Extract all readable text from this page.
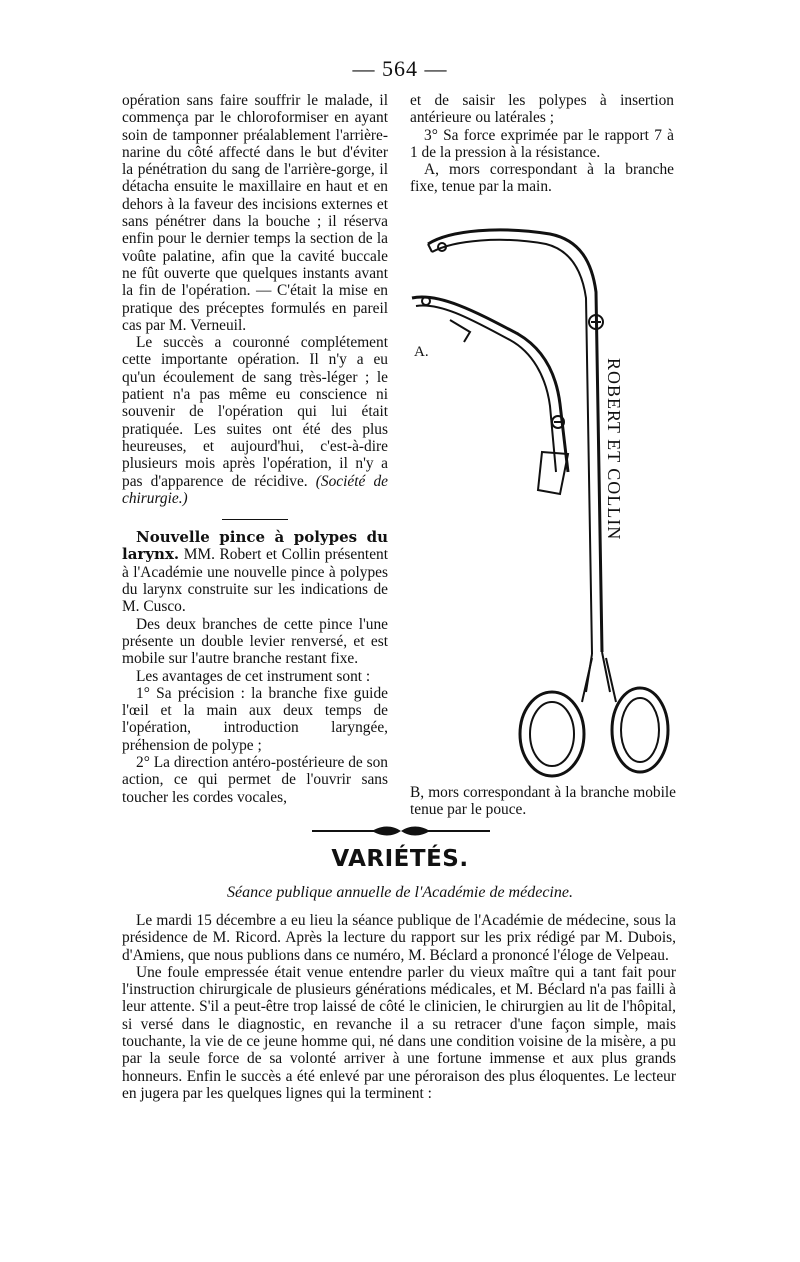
— 564 —

opération sans faire souffrir le malade, il commença par le chloroformiser en ayant soin de tamponner préalablement l'arrière-narine du côté affecté dans le but d'éviter la pénétration du sang de l'arrière-gorge, il détacha ensuite le maxillaire en haut et en dehors à la faveur des incisions externes et sans pénétrer dans la bouche ; il réserva enfin pour le dernier temps la section de la voûte palatine, afin que la cavité buccale ne fût ouverte que quelques instants avant la fin de l'opération. — C'était la mise en pratique des préceptes formulés en pareil cas par M. Verneuil.

Le succès a couronné complétement cette importante opération. Il n'y a eu qu'un écoulement de sang très-léger ; le patient n'a pas même eu conscience ni souvenir de l'opération qui lui était pratiquée. Les suites ont été des plus heureuses, et aujourd'hui, c'est-à-dire plusieurs mois après l'opération, il n'y a pas d'apparence de récidive. (Société de chirurgie.)

Nouvelle pince à polypes du larynx. MM. Robert et Collin présentent à l'Académie une nouvelle pince à polypes du larynx construite sur les indications de M. Cusco.

Des deux branches de cette pince l'une présente un double levier renversé, et est mobile sur l'autre branche restant fixe.

Les avantages de cet instrument sont :

1° Sa précision : la branche fixe guide l'œil et la main aux deux temps de l'opération, introduction laryngée, préhension de polype ;

2° La direction antéro-postérieure de son action, ce qui permet de l'ouvrir sans toucher les cordes vocales,

et de saisir les polypes à insertion antérieure ou latérales ;

3° Sa force exprimée par le rapport 7 à 1 de la pression à la résistance.

A, mors correspondant à la branche fixe, tenue par la main.

A.
ROBERT ET COLLIN
B, mors correspondant à la branche mobile tenue par le pouce.
VARIÉTÉS.
Séance publique annuelle de l'Académie de médecine.

Le mardi 15 décembre a eu lieu la séance publique de l'Académie de médecine, sous la présidence de M. Ricord. Après la lecture du rapport sur les prix rédigé par M. Dubois, d'Amiens, que nous publions dans ce numéro, M. Béclard a prononcé l'éloge de Velpeau.

Une foule empressée était venue entendre parler du vieux maître qui a tant fait pour l'instruction chirurgicale de plusieurs générations médicales, et M. Béclard n'a pas failli à leur attente. S'il a peut-être trop laissé de côté le clinicien, le chirurgien au lit de l'hôpital, si versé dans le diagnostic, en revanche il a su retracer d'une façon simple, mais touchante, la vie de ce jeune homme qui, né dans une condition voisine de la misère, a pu par la seule force de sa volonté arriver à une fortune immense et aux plus grands honneurs. Enfin le succès a été enlevé par une péroraison des plus éloquentes. Le lecteur en jugera par les quelques lignes qui la terminent :
